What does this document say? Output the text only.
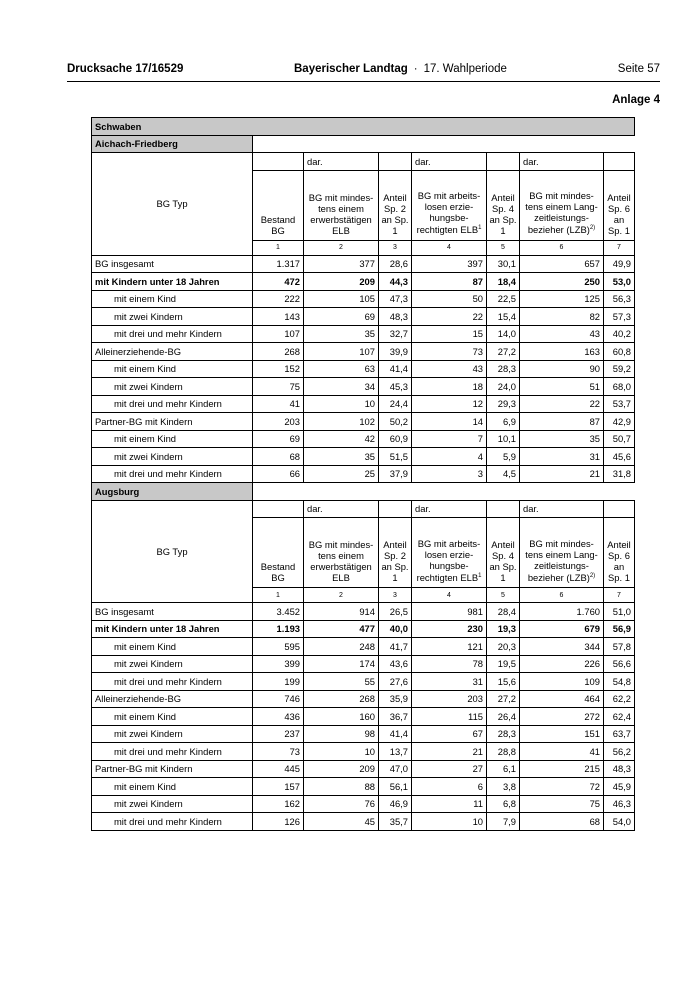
Drucksache 17/16529	Bayerischer Landtag · 17. Wahlperiode	Seite 57
Anlage 4
Schwaben							
Aichach-Friedberg							
BG Typ		dar.		dar.		dar.	
	Bestand BG	BG mit mindes-​tens einem erwerbstätigen ELB	Anteil Sp. 2 an Sp. 1	BG mit arbeits-​losen erzie-​hungsbe-​rechtigten ELB$^1$	Anteil Sp. 4 an Sp. 1	BG mit mindes-​tens einem Lang-​zeitleistungs-​bezieher (LZB)$^{2)}$	Anteil Sp. 6 an Sp. 1
	1	2	3	4	5	6	7
BG insgesamt	1.317	377	28,6	397	30,1	657	49,9
mit Kindern unter 18 Jahren	472	209	44,3	87	18,4	250	53,0
mit einem Kind	222	105	47,3	50	22,5	125	56,3
mit zwei Kindern	143	69	48,3	22	15,4	82	57,3
mit drei und mehr Kindern	107	35	32,7	15	14,0	43	40,2
Alleinerziehende-BG	268	107	39,9	73	27,2	163	60,8
mit einem Kind	152	63	41,4	43	28,3	90	59,2
mit zwei Kindern	75	34	45,3	18	24,0	51	68,0
mit drei und mehr Kindern	41	10	24,4	12	29,3	22	53,7
Partner-BG mit Kindern	203	102	50,2	14	6,9	87	42,9
mit einem Kind	69	42	60,9	7	10,1	35	50,7
mit zwei Kindern	68	35	51,5	4	5,9	31	45,6
mit drei und mehr Kindern	66	25	37,9	3	4,5	21	31,8
Augsburg							
BG Typ		dar.		dar.		dar.	
	Bestand BG	BG mit mindes-​tens einem erwerbstätigen ELB	Anteil Sp. 2 an Sp. 1	BG mit arbeits-​losen erzie-​hungsbe-​rechtigten ELB$^1$	Anteil Sp. 4 an Sp. 1	BG mit mindes-​tens einem Lang-​zeitleistungs-​bezieher (LZB)$^{2)}$	Anteil Sp. 6 an Sp. 1
	1	2	3	4	5	6	7
BG insgesamt	3.452	914	26,5	981	28,4	1.760	51,0
mit Kindern unter 18 Jahren	1.193	477	40,0	230	19,3	679	56,9
mit einem Kind	595	248	41,7	121	20,3	344	57,8
mit zwei Kindern	399	174	43,6	78	19,5	226	56,6
mit drei und mehr Kindern	199	55	27,6	31	15,6	109	54,8
Alleinerziehende-BG	746	268	35,9	203	27,2	464	62,2
mit einem Kind	436	160	36,7	115	26,4	272	62,4
mit zwei Kindern	237	98	41,4	67	28,3	151	63,7
mit drei und mehr Kindern	73	10	13,7	21	28,8	41	56,2
Partner-BG mit Kindern	445	209	47,0	27	6,1	215	48,3
mit einem Kind	157	88	56,1	6	3,8	72	45,9
mit zwei Kindern	162	76	46,9	11	6,8	75	46,3
mit drei und mehr Kindern	126	45	35,7	10	7,9	68	54,0
